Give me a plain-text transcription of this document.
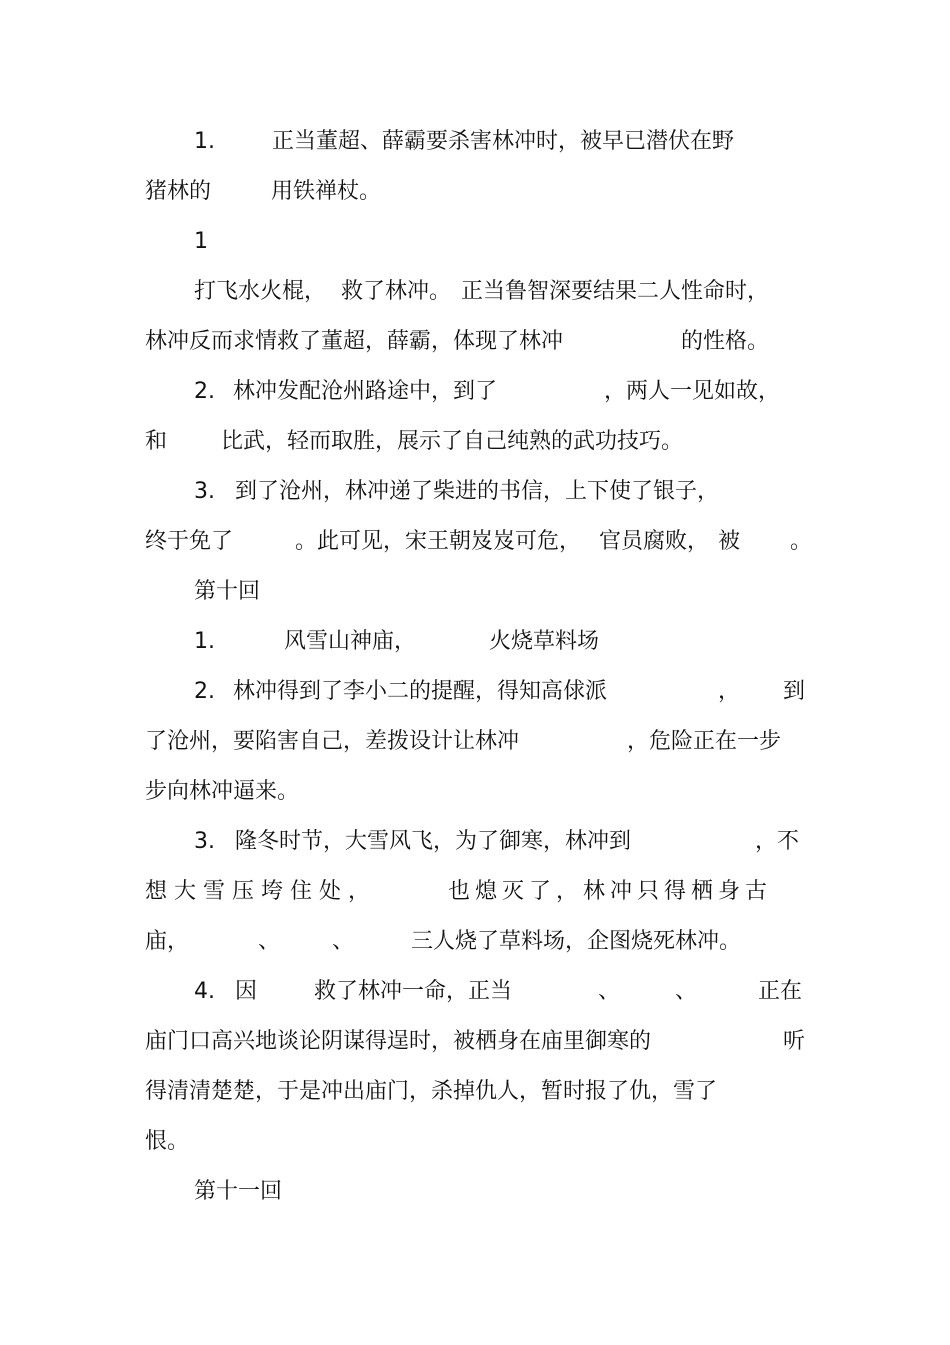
1.	正当董超、薛霸要杀害林冲时，被早已潜伏在野
猪林的	用铁禅杖。
1
打飞水火棍， 救了林冲。 正当鲁智深要结果二人性命时，
林冲反而求情救了董超，薛霸，体现了林冲	的性格。
2. 林冲发配沧州路途中，到了	，两人一见如故，
和 比武，轻而取胜，展示了自己纯熟的武功技巧。
3. 到了沧州，林冲递了柴进的书信，上下使了银子，
终于免了	。此可见，宋王朝岌岌可危， 官员腐败， 被 。
第十回
1.	风雪山神庙，	火烧草料场
2. 林冲得到了李小二的提醒，得知高俅派	， 到
了沧州，要陷害自己，差拨设计让林冲	，危险正在一步
步向林冲逼来。
3. 隆冬时节，大雪风飞，为了御寒，林冲到	，不
想大雪压垮住处，	也熄灭了，林冲只得栖身古
庙，	、 、	三人烧了草料场，企图烧死林冲。
4. 因	救了林冲一命，正当	、 、	正在
庙门口高兴地谈论阴谋得逞时，被栖身在庙里御寒的	听
得清清楚楚，于是冲出庙门，杀掉仇人，暂时报了仇，雪了
恨。
第十一回
